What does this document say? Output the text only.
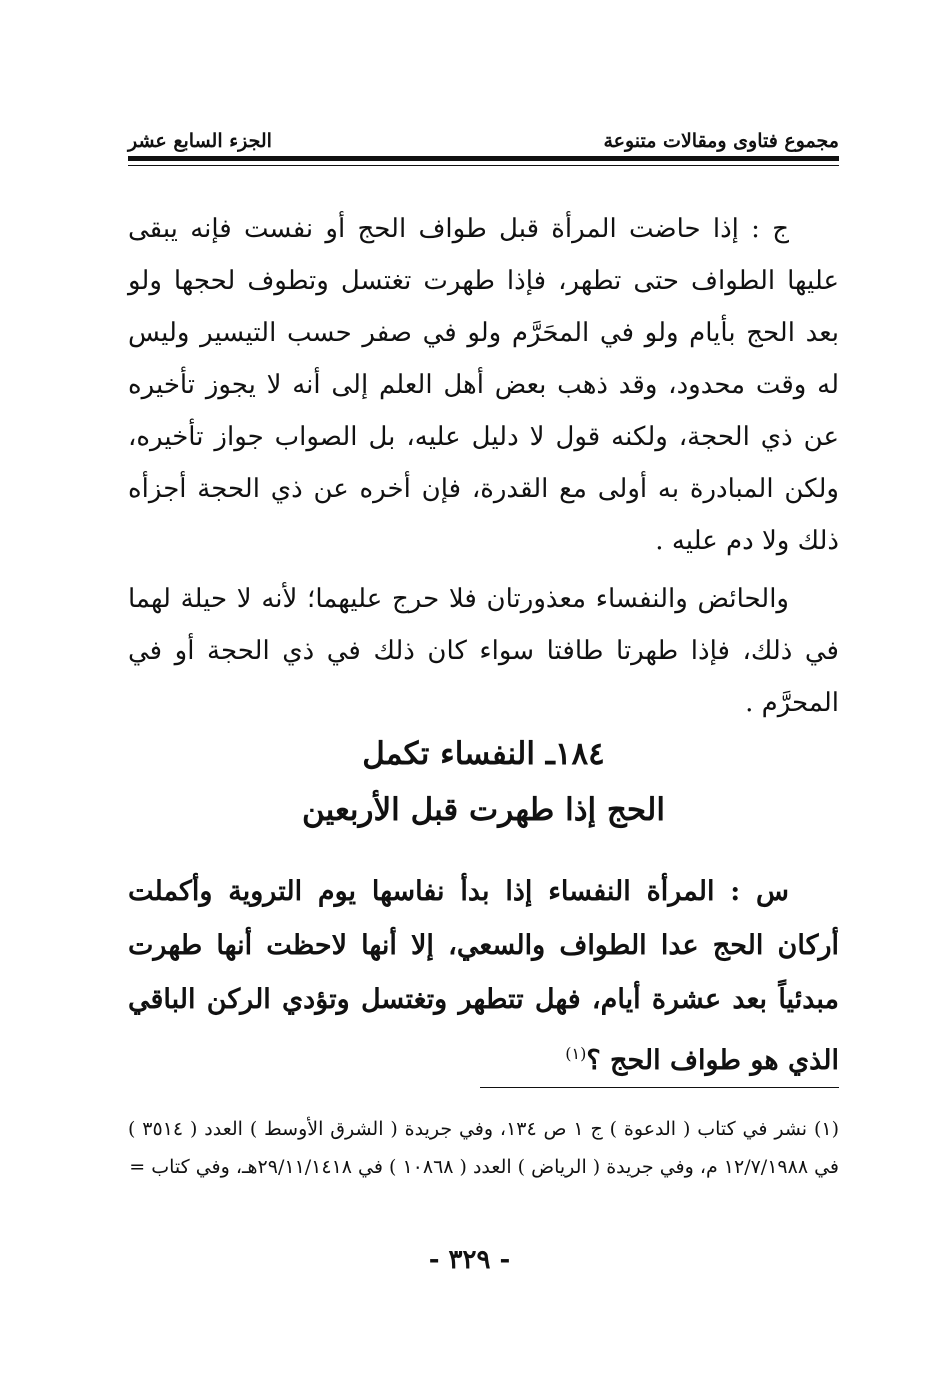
مجموع فتاوى ومقالات متنوعة
الجزء السابع عشر

ج : إذا حاضت المرأة قبل طواف الحج أو نفست فإنه يبقى عليها الطواف حتى تطهر، فإذا طهرت تغتسل وتطوف لحجها ولو بعد الحج بأيام ولو في المحَرَّم ولو في صفر حسب التيسير وليس له وقت محدود، وقد ذهب بعض أهل العلم إلى أنه لا يجوز تأخيره عن ذي الحجة، ولكنه قول لا دليل عليه، بل الصواب جواز تأخيره، ولكن المبادرة به أولى مع القدرة، فإن أخره عن ذي الحجة أجزأه ذلك ولا دم عليه .

والحائض والنفساء معذورتان فلا حرج عليهما؛ لأنه لا حيلة لهما في ذلك، فإذا طهرتا طافتا سواء كان ذلك في ذي الحجة أو في المحرَّم .

١٨٤ـ النفساء تكمل
الحج إذا طهرت قبل الأربعين
س : المرأة النفساء إذا بدأ نفاسها يوم التروية وأكملت أركان الحج عدا الطواف والسعي، إلا أنها لاحظت أنها طهرت مبدئياً بعد عشرة أيام، فهل تتطهر وتغتسل وتؤدي الركن الباقي الذي هو طواف الحج ؟$^{(١)}$
(١) نشر في كتاب ( الدعوة ) ج ١ ص ١٣٤، وفي جريدة ( الشرق الأوسط ) العدد ( ٣٥١٤ ) في ١٢/٧/١٩٨٨ م، وفي جريدة ( الرياض ) العدد ( ١٠٨٦٨ ) في ٢٩/١١/١٤١٨هـ، وفي كتاب =
- ٣٢٩ -
